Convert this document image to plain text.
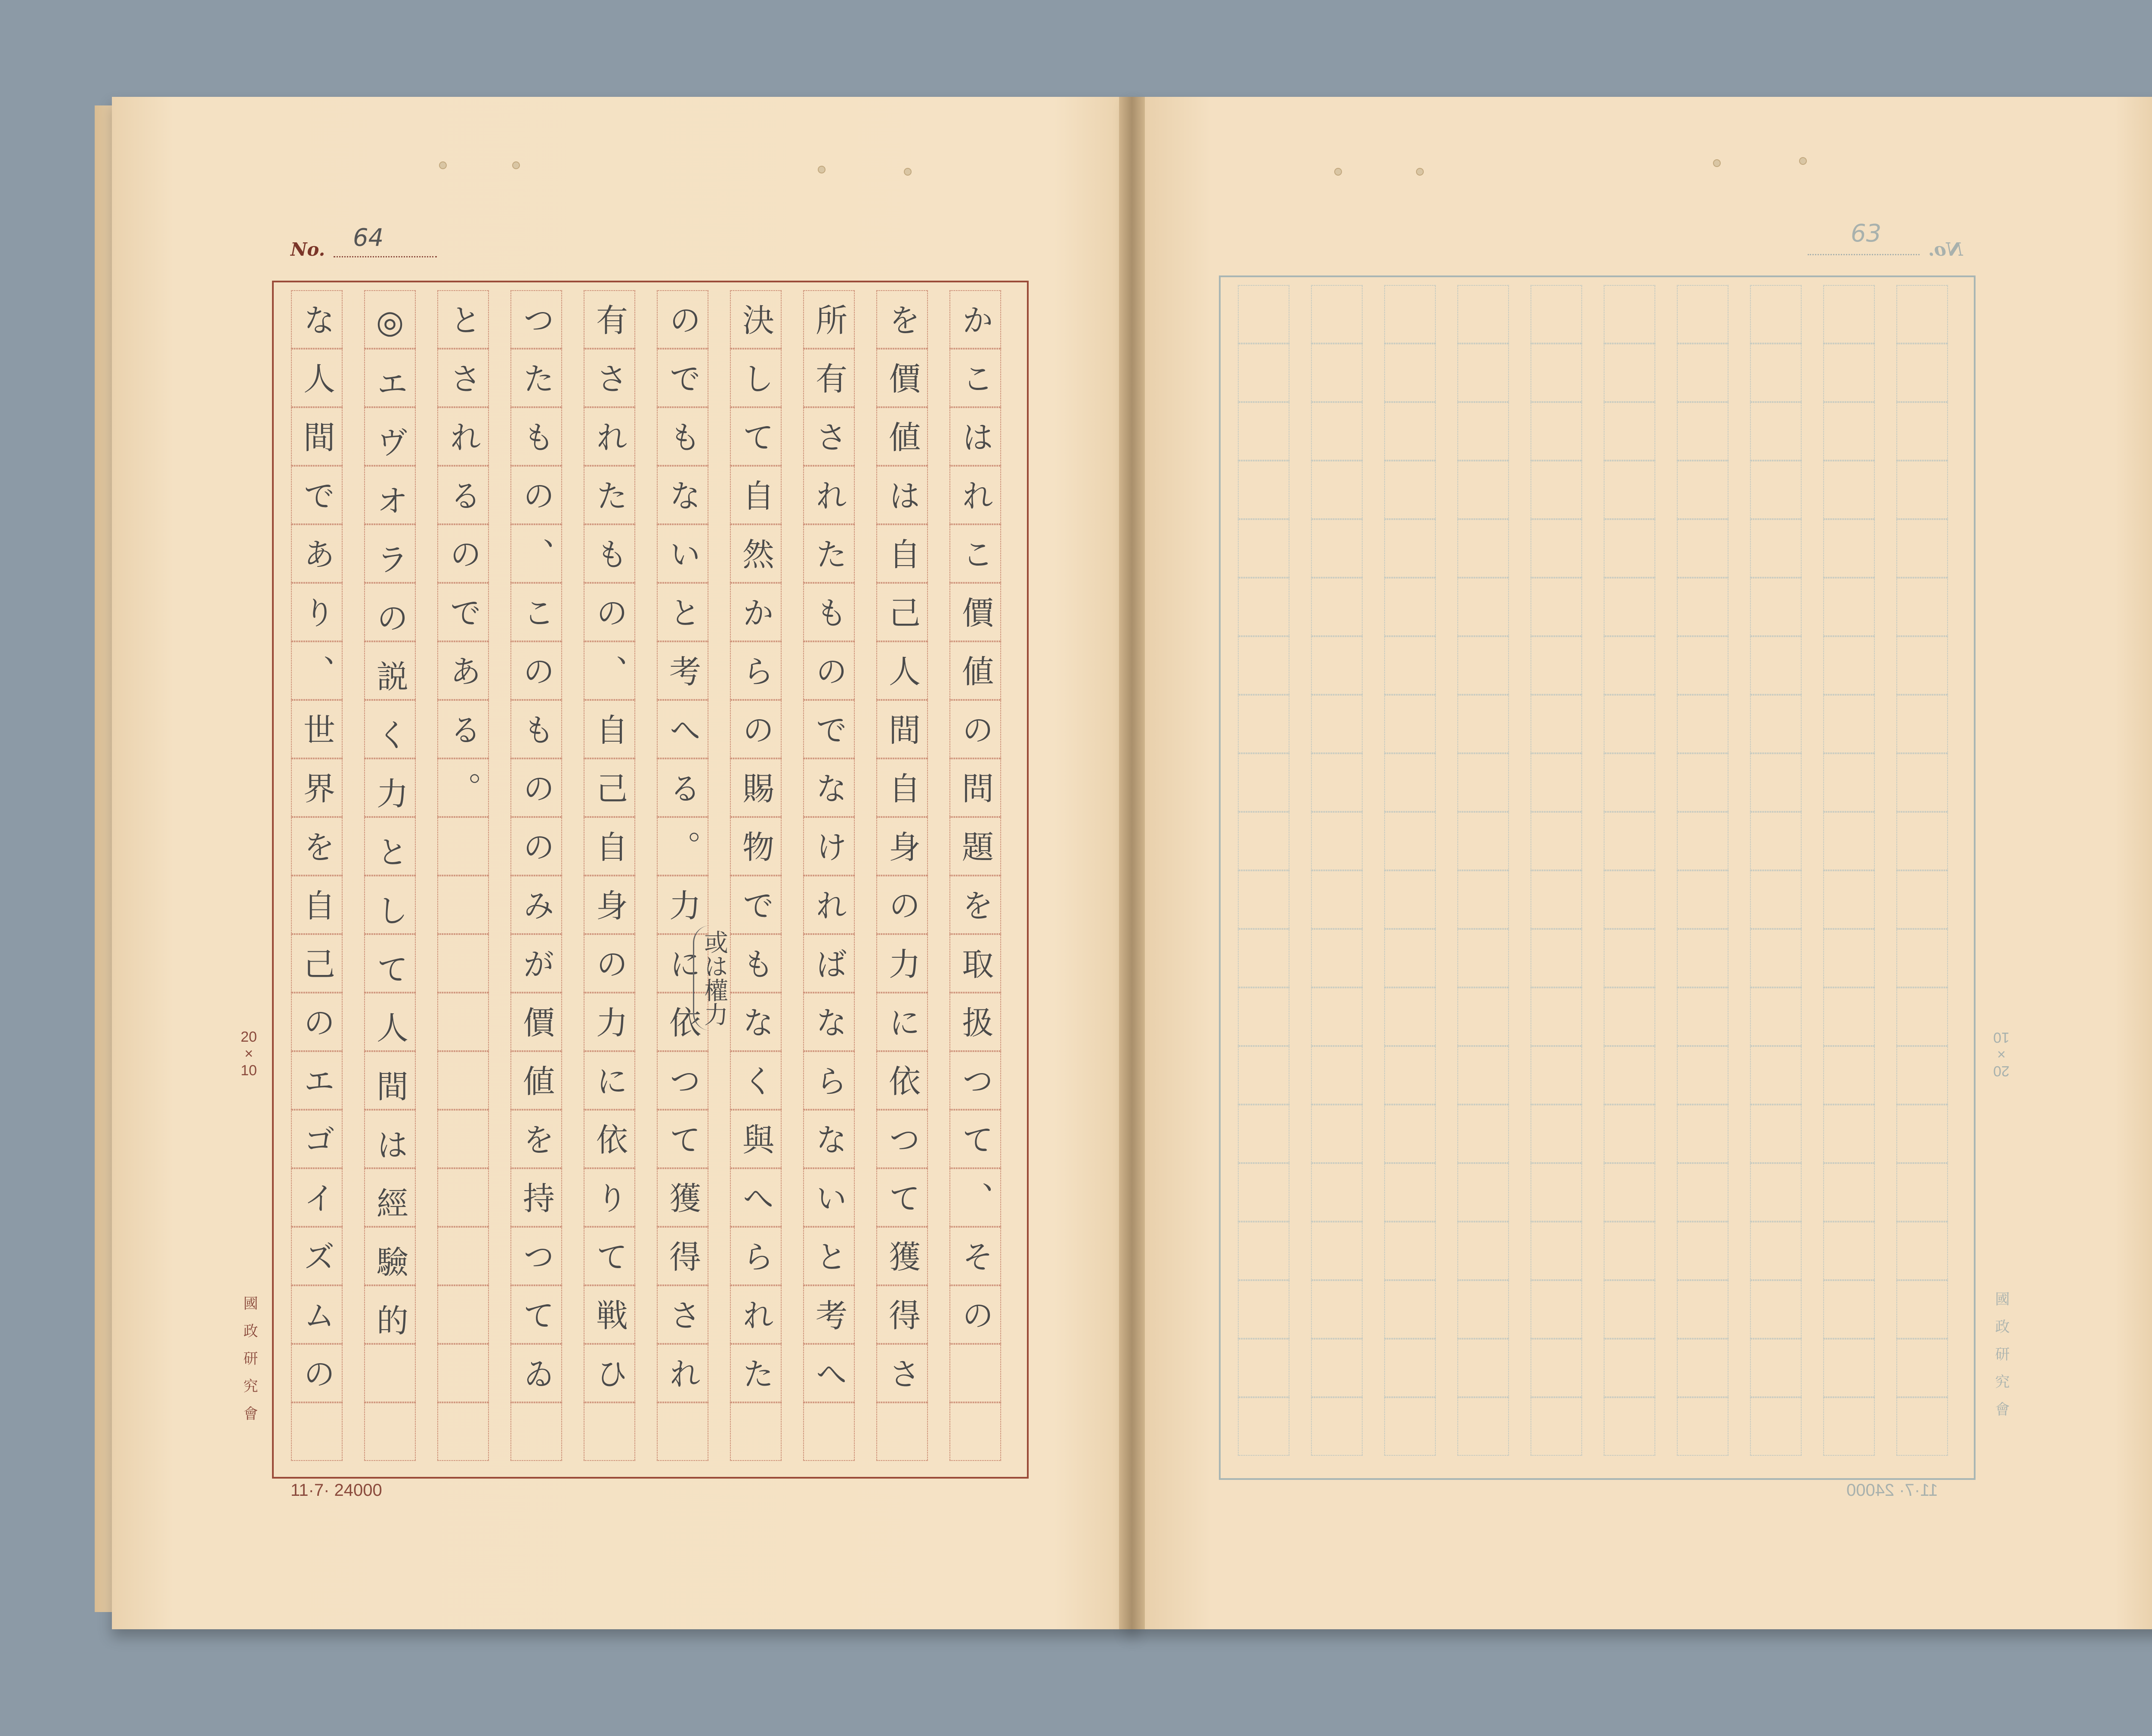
No. 64
かこはれこ價値の問題を取扱つて、その
を價値は自己人間自身の力に依つて獲得さ
所有されたものでなければならないと考へ
決して自然からの賜物でもなく與へられた
のでもないと考へる。力に依つて獲得され
有されたもの、自己自身の力に依りて戦ひ
つたもの、このもののみが價値を持つてゐ
とされるのである。
◎エヴオラの説く力として人間は經驗的
な人間であり、世界を自己のエゴイズムの
20
×
10
國政研究會
11·7· 24000
或は權力
No.
63
20
×
10
國政研究會
11·7· 24000
